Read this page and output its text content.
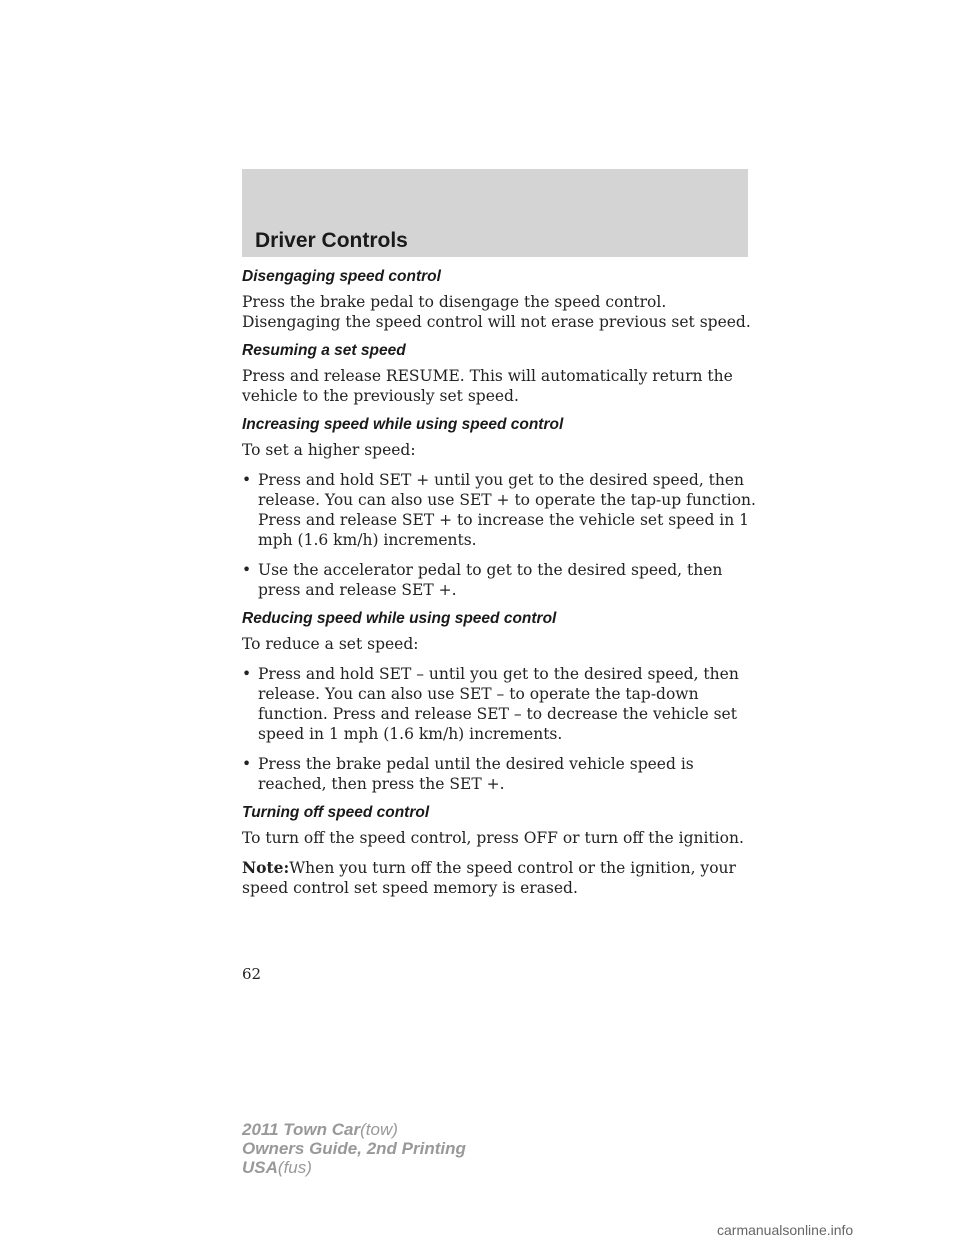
Driver Controls
Disengaging speed control

Press the brake pedal to disengage the speed control. Disengaging the speed control will not erase previous set speed.

Resuming a set speed

Press and release RESUME. This will automatically return the vehicle to the previously set speed.

Increasing speed while using speed control

To set a higher speed:

• Press and hold SET + until you get to the desired speed, then release. You can also use SET + to operate the tap-up function. Press and release SET + to increase the vehicle set speed in 1 mph (1.6 km/h) increments.
• Use the accelerator pedal to get to the desired speed, then press and release SET +.
Reducing speed while using speed control

To reduce a set speed:

• Press and hold SET – until you get to the desired speed, then release. You can also use SET – to operate the tap-down function. Press and release SET – to decrease the vehicle set speed in 1 mph (1.6 km/h) increments.
• Press the brake pedal until the desired vehicle speed is reached, then press the SET +.
Turning off speed control

To turn off the speed control, press OFF or turn off the ignition.

Note:When you turn off the speed control or the ignition, your speed control set speed memory is erased.

62
2011 Town Car(tow)
Owners Guide, 2nd Printing
USA(fus)
carmanualsonline.info
